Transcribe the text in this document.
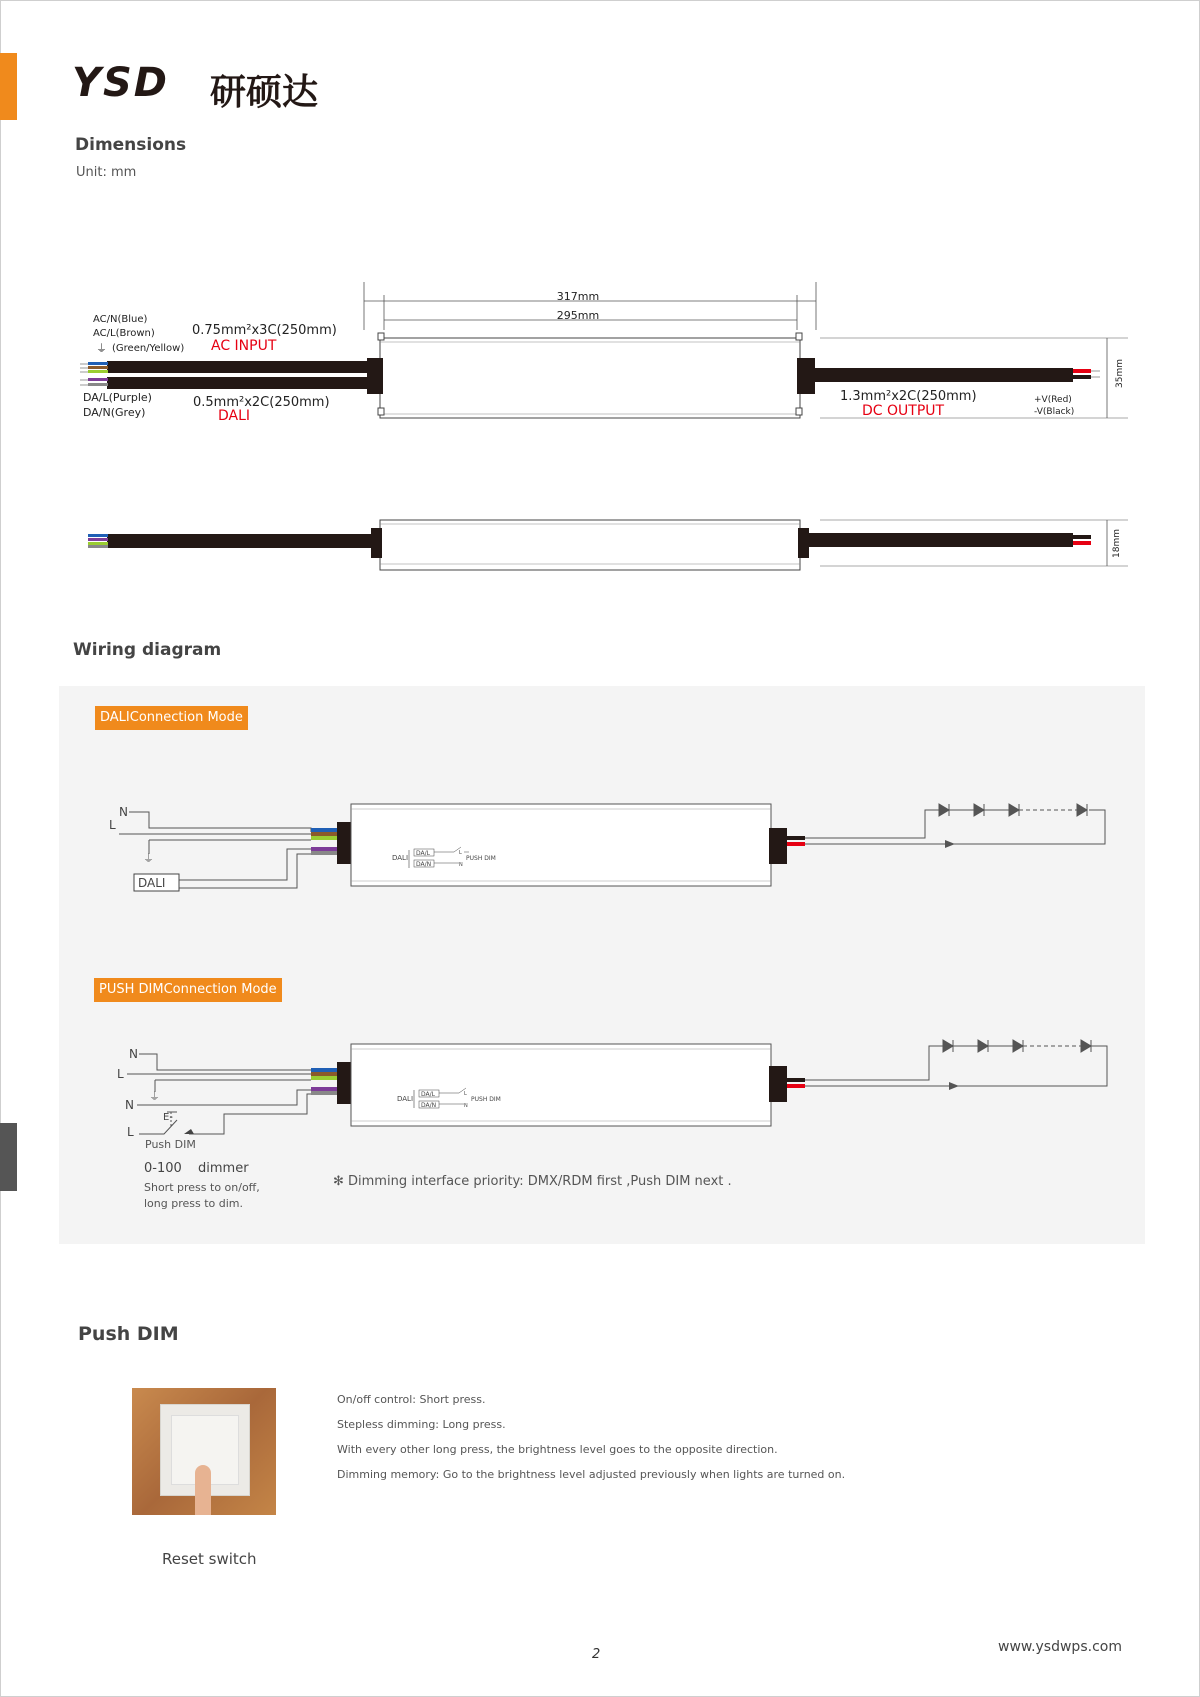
YSD 研硕达
Dimensions
Unit: mm
317mm
295mm
35mm
AC/N(Blue)
AC/L(Brown)
⏚ (Green/Yellow)
0.75mm²x3C(250mm)
AC INPUT
DA/L(Purple)
DA/N(Grey)
0.5mm²x2C(250mm)
DALI
1.3mm²x2C(250mm)
DC OUTPUT
+V(Red)
-V(Black)
18mm
Wiring diagram
DALIConnection Mode
PUSH DIMConnection Mode
N
L
⏚
DALI
DALI
DA/L
DA/N
L
N
PUSH DIM
N
L
N
L
⏚
E-
DALI
DA/L
DA/N
L
N
PUSH DIM
Push DIM
0-100 dimmer
Short press to on/off,
long press to dim.
✻ Dimming interface priority: DMX/RDM first ,Push DIM next .
Push DIM
Reset switch
On/off control: Short press.
Stepless dimming: Long press.
With every other long press, the brightness level goes to the opposite direction.
Dimming memory: Go to the brightness level adjusted previously when lights are turned on.
2	www.ysdwps.com
